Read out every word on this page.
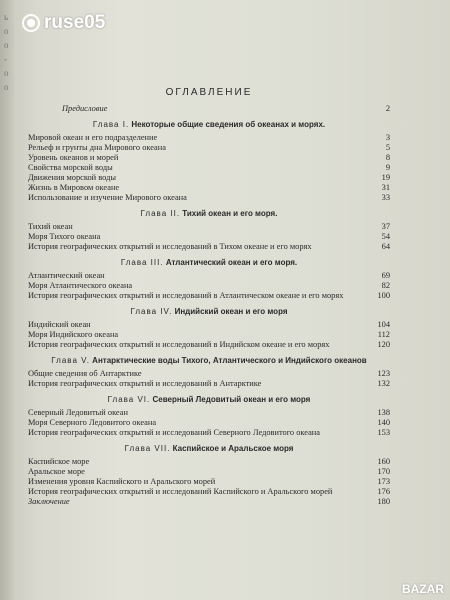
ь
о
о
-
о
о
ruse05
ОГЛАВЛЕНИЕ
Предисловие	2
Глава I. Некоторые общие сведения об океанах и морях.
Мировой океан и его подразделение	3
Рельеф и грунты дна Мирового океана	5
Уровень океанов и морей	8
Свойства морской воды	9
Движения морской воды	19
Жизнь в Мировом океане	31
Использование и изучение Мирового океана	33
Глава II. Тихий океан и его моря.
Тихий океан	37
Моря Тихого океана	54
История географических открытий и исследований в Тихом океане и его морях	64
Глава III. Атлантический океан и его моря.
Атлантический океан	69
Моря Атлантического океана	82
История географических открытий и исследований в Атлантическом океане и его морях	100
Глава IV. Индийский океан и его моря
Индийский океан	104
Моря Индийского океана	112
История географических открытий и исследований в Индийском океане и его морях	120
Глава V. Антарктические воды Тихого, Атлантического и Индийского океанов
Общие сведения об Антарктике	123
История географических открытий и исследований в Антарктике	132
Глава VI. Северный Ледовитый океан и его моря
Северный Ледовитый океан	138
Моря Северного Ледовитого океана	140
История географических открытий и исследований Северного Ледовитого океана	153
Глава VII. Каспийское и Аральское моря
Каспийское море	160
Аральское море	170
Изменения уровня Каспийского и Аральского морей	173
История географических открытий и исследований Каспийского и Аральского морей	176
Заключение	180
BAZAR
